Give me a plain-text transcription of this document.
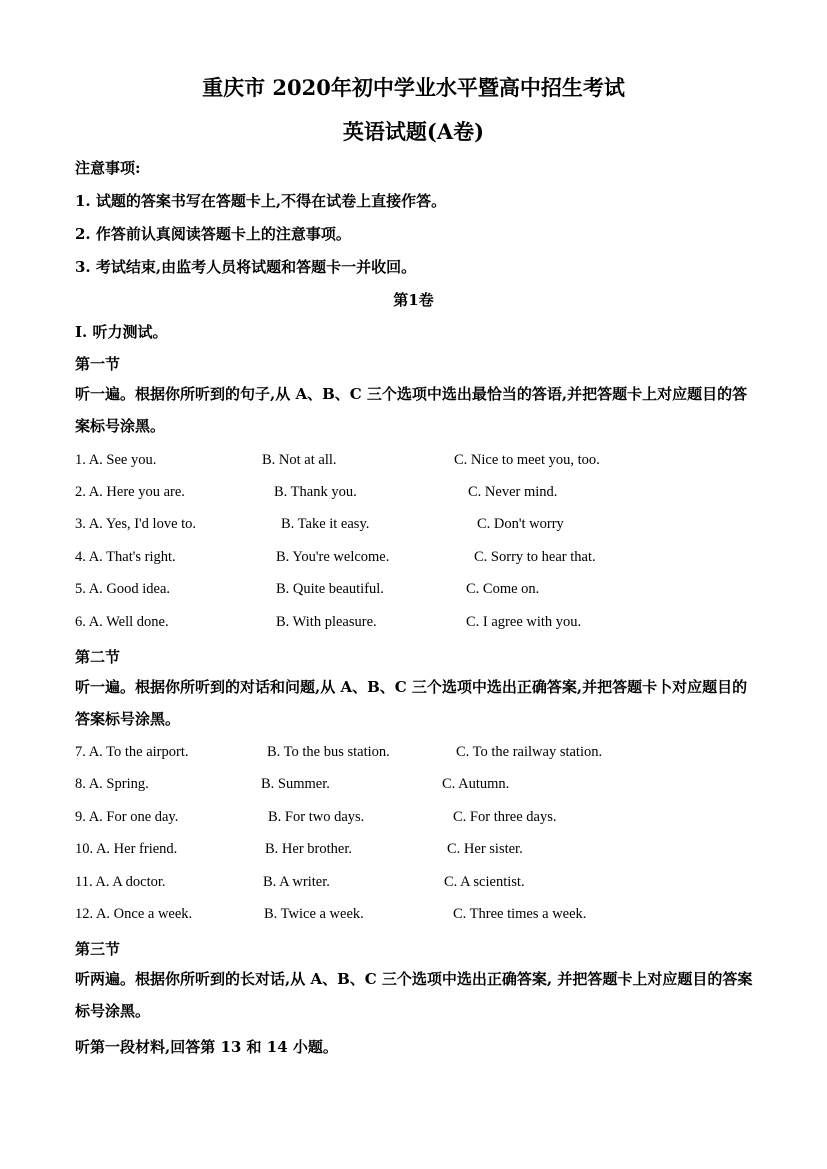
重庆市 2020年初中学业水平暨高中招生考试
英语试题(A卷)
注意事项:
1. 试题的答案书写在答题卡上,不得在试卷上直接作答。
2. 作答前认真阅读答题卡上的注意事项。
3. 考试结束,由监考人员将试题和答题卡一并收回。
第1卷
I. 听力测试。
第一节
听一遍。根据你所听到的句子,从 A、B、C 三个选项中选出最恰当的答语,并把答题卡上对应题目的答案标号涂黑。
1. A. See you.	B. Not at all.	C. Nice to meet you, too.
2. A. Here you are.	B. Thank you.	C. Never mind.
3. A. Yes, I'd love to.	B. Take it easy.	C. Don't worry
4. A. That's right.	B. You're welcome.	C. Sorry to hear that.
5. A. Good idea.	B. Quite beautiful.	C. Come on.
6. A. Well done.	B. With pleasure.	C. I agree with you.
第二节
听一遍。根据你所听到的对话和问题,从 A、B、C 三个选项中选出正确答案,并把答题卡卜对应题目的答案标号涂黑。
7. A. To the airport.	B. To the bus station.	C. To the railway station.
8. A. Spring.	B. Summer.	C. Autumn.
9. A. For one day.	B. For two days.	C. For three days.
10. A. Her friend.	B. Her brother.	C. Her sister.
11. A. A doctor.	B. A writer.	C. A scientist.
12. A. Once a week.	B. Twice a week.	C. Three times a week.
第三节
听两遍。根据你所听到的长对话,从 A、B、C 三个选项中选出正确答案, 并把答题卡上对应题目的答案标号涂黑。
听第一段材料,回答第 13 和 14 小题。
